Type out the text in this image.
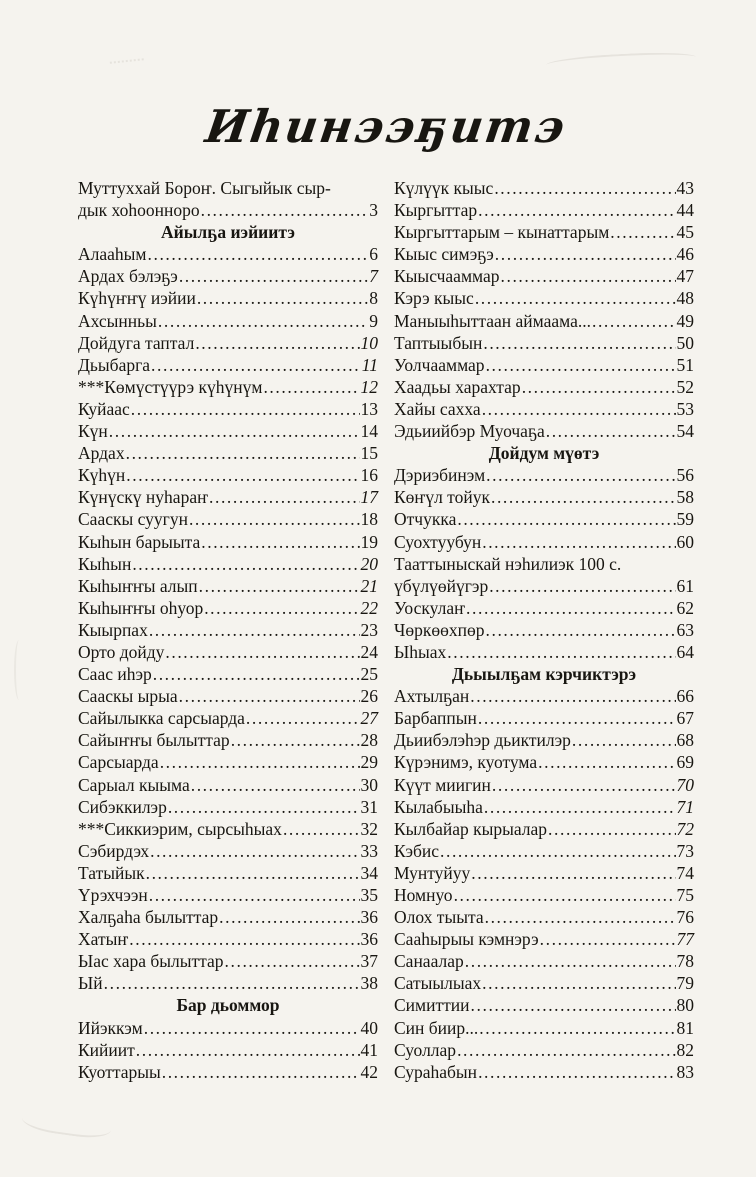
Иһинээҕитэ
Муттуххай Бороҥ. Сыгыйык сыр-
дык хоһоонноро .....	3
Айылҕа иэйиитэ
Алааһым .....	6
Ардах бэлэҕэ .....	7
Күһүҥҥү иэйии .....	8
Ахсынньы .....	9
Дойдуга таптал .....	10
Дьыбарга .....	11
***Көмүстүүрэ күһүнүм .....	12
Куйаас .....	13
Күн .....	14
Ардах .....	15
Күһүн .....	16
Күнүскү нуһараҥ .....	17
Сааскы суугун .....	18
Кыһын барыыта .....	19
Кыһын .....	20
Кыһыҥҥы алып .....	21
Кыһыҥҥы оһуор .....	22
Кыырпах .....	23
Орто дойду .....	24
Саас иһэр .....	25
Сааскы ырыа .....	26
Сайылыкка сарсыарда .....	27
Сайыҥҥы былыттар .....	28
Сарсыарда .....	29
Сарыал кыыма .....	30
Сибэккилэр .....	31
***Сиккиэрим, сырсыһыах .....	32
Сэбирдэх .....	33
Татыйык .....	34
Үрэхчээн .....	35
Халҕаһа былыттар .....	36
Хатыҥ .....	36
Ыас хара былыттар .....	37
Ый .....	38
Бар дьоммор
Ийэккэм .....	40
Кийиит .....	41
Куоттарыы .....	42
Күлүүк кыыс .....	43
Кыргыттар .....	44
Кыргыттарым – кынаттарым .....	45
Кыыс симэҕэ .....	46
Кыысчааммар .....	47
Кэрэ кыыс .....	48
Маныыһыттаан аймаама... .....	49
Таптыыбын .....	50
Уолчааммар .....	51
Хаадьы харахтар .....	52
Хайы сахха .....	53
Эдьиийбэр Муочаҕа .....	54
Дойдум мүөтэ
Дэриэбинэм .....	56
Көҥүл тойук .....	58
Отчукка .....	59
Суохтуубун .....	60
Тааттыныскай нэһилиэк 100 с.
үбүлүөйүгэр .....	61
Уоскулаҥ .....	62
Чөркөөхпөр .....	63
Ыһыах .....	64
Дьыылҕам кэрчиктэрэ
Ахтылҕан .....	66
Барбаппын .....	67
Дьиибэлэһэр дьиктилэр .....	68
Күрэнимэ, куотума .....	69
Күүт миигин .....	70
Кылабыыһа .....	71
Кылбайар кырыалар .....	72
Кэбис .....	73
Мунтуйуу .....	74
Номнуо .....	75
Олох тыыта .....	76
Сааһырыы кэмнэрэ .....	77
Санаалар .....	78
Сатыылыах .....	79
Симиттии .....	80
Син биир... .....	81
Суоллар .....	82
Сураһабын .....	83
